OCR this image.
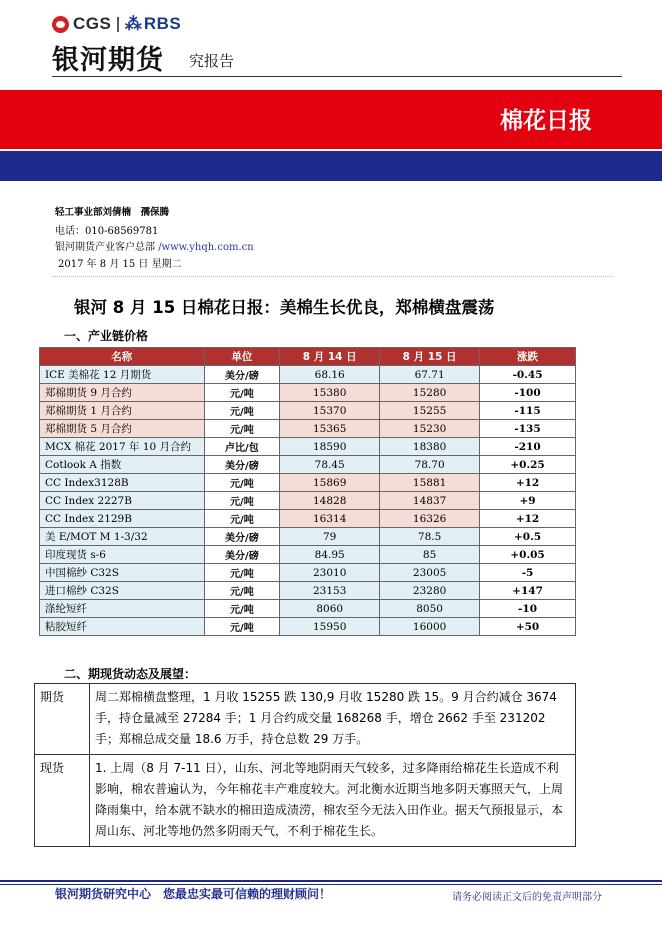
CGS ⁂ RBS
银河期货 究报告
棉花日报
轻工事业部刘倩楠　孺保腾
电话：010-68569781
银河期货产业客户总部 /www.yhqh.com.cn
2017 年 8 月 15 日 星期二
银河 8 月 15 日棉花日报：美棉生长优良，郑棉横盘震荡
一、产业链价格
名称	单位	8 月 14 日	8 月 15 日	涨跌
ICE 美棉花 12 月期货	美分/磅	68.16	67.71	-0.45
郑棉期货 9 月合约	元/吨	15380	15280	-100
郑棉期货 1 月合约	元/吨	15370	15255	-115
郑棉期货 5 月合约	元/吨	15365	15230	-135
MCX 棉花 2017 年 10 月合约	卢比/包	18590	18380	-210
Cotlook A 指数	美分/磅	78.45	78.70	+0.25
CC Index3128B	元/吨	15869	15881	+12
CC Index 2227B	元/吨	14828	14837	+9
CC Index 2129B	元/吨	16314	16326	+12
美 E/MOT M 1-3/32	美分/磅	79	78.5	+0.5
印度现货 s-6	美分/磅	84.95	85	+0.05
中国棉纱 C32S	元/吨	23010	23005	-5
进口棉纱 C32S	元/吨	23153	23280	+147
涤纶短纤	元/吨	8060	8050	-10
粘胶短纤	元/吨	15950	16000	+50
二、期现货动态及展望：
期货	周二郑棉横盘整理，1 月收 15255 跌 130,9 月收 15280 跌 15。9 月合约减仓 3674 手，持仓量减至 27284 手；1 月合约成交量 168268 手，增仓 2662 手至 231202 手；郑棉总成交量 18.6 万手，持仓总数 29 万手。
现货	1. 上周（8 月 7-11 日），山东、河北等地阴雨天气较多，过多降雨给棉花生长造成不利影响，棉农普遍认为，今年棉花丰产难度较大。河北衡水近期当地多阴天寡照天气，上周降雨集中，给本就不缺水的棉田造成渍涝，棉农至今无法入田作业。据天气预报显示，本周山东、河北等地仍然多阴雨天气，不利于棉花生长。
银河期货研究中心　您最忠实最可信赖的理财顾问！	请务必阅读正文后的免责声明部分
